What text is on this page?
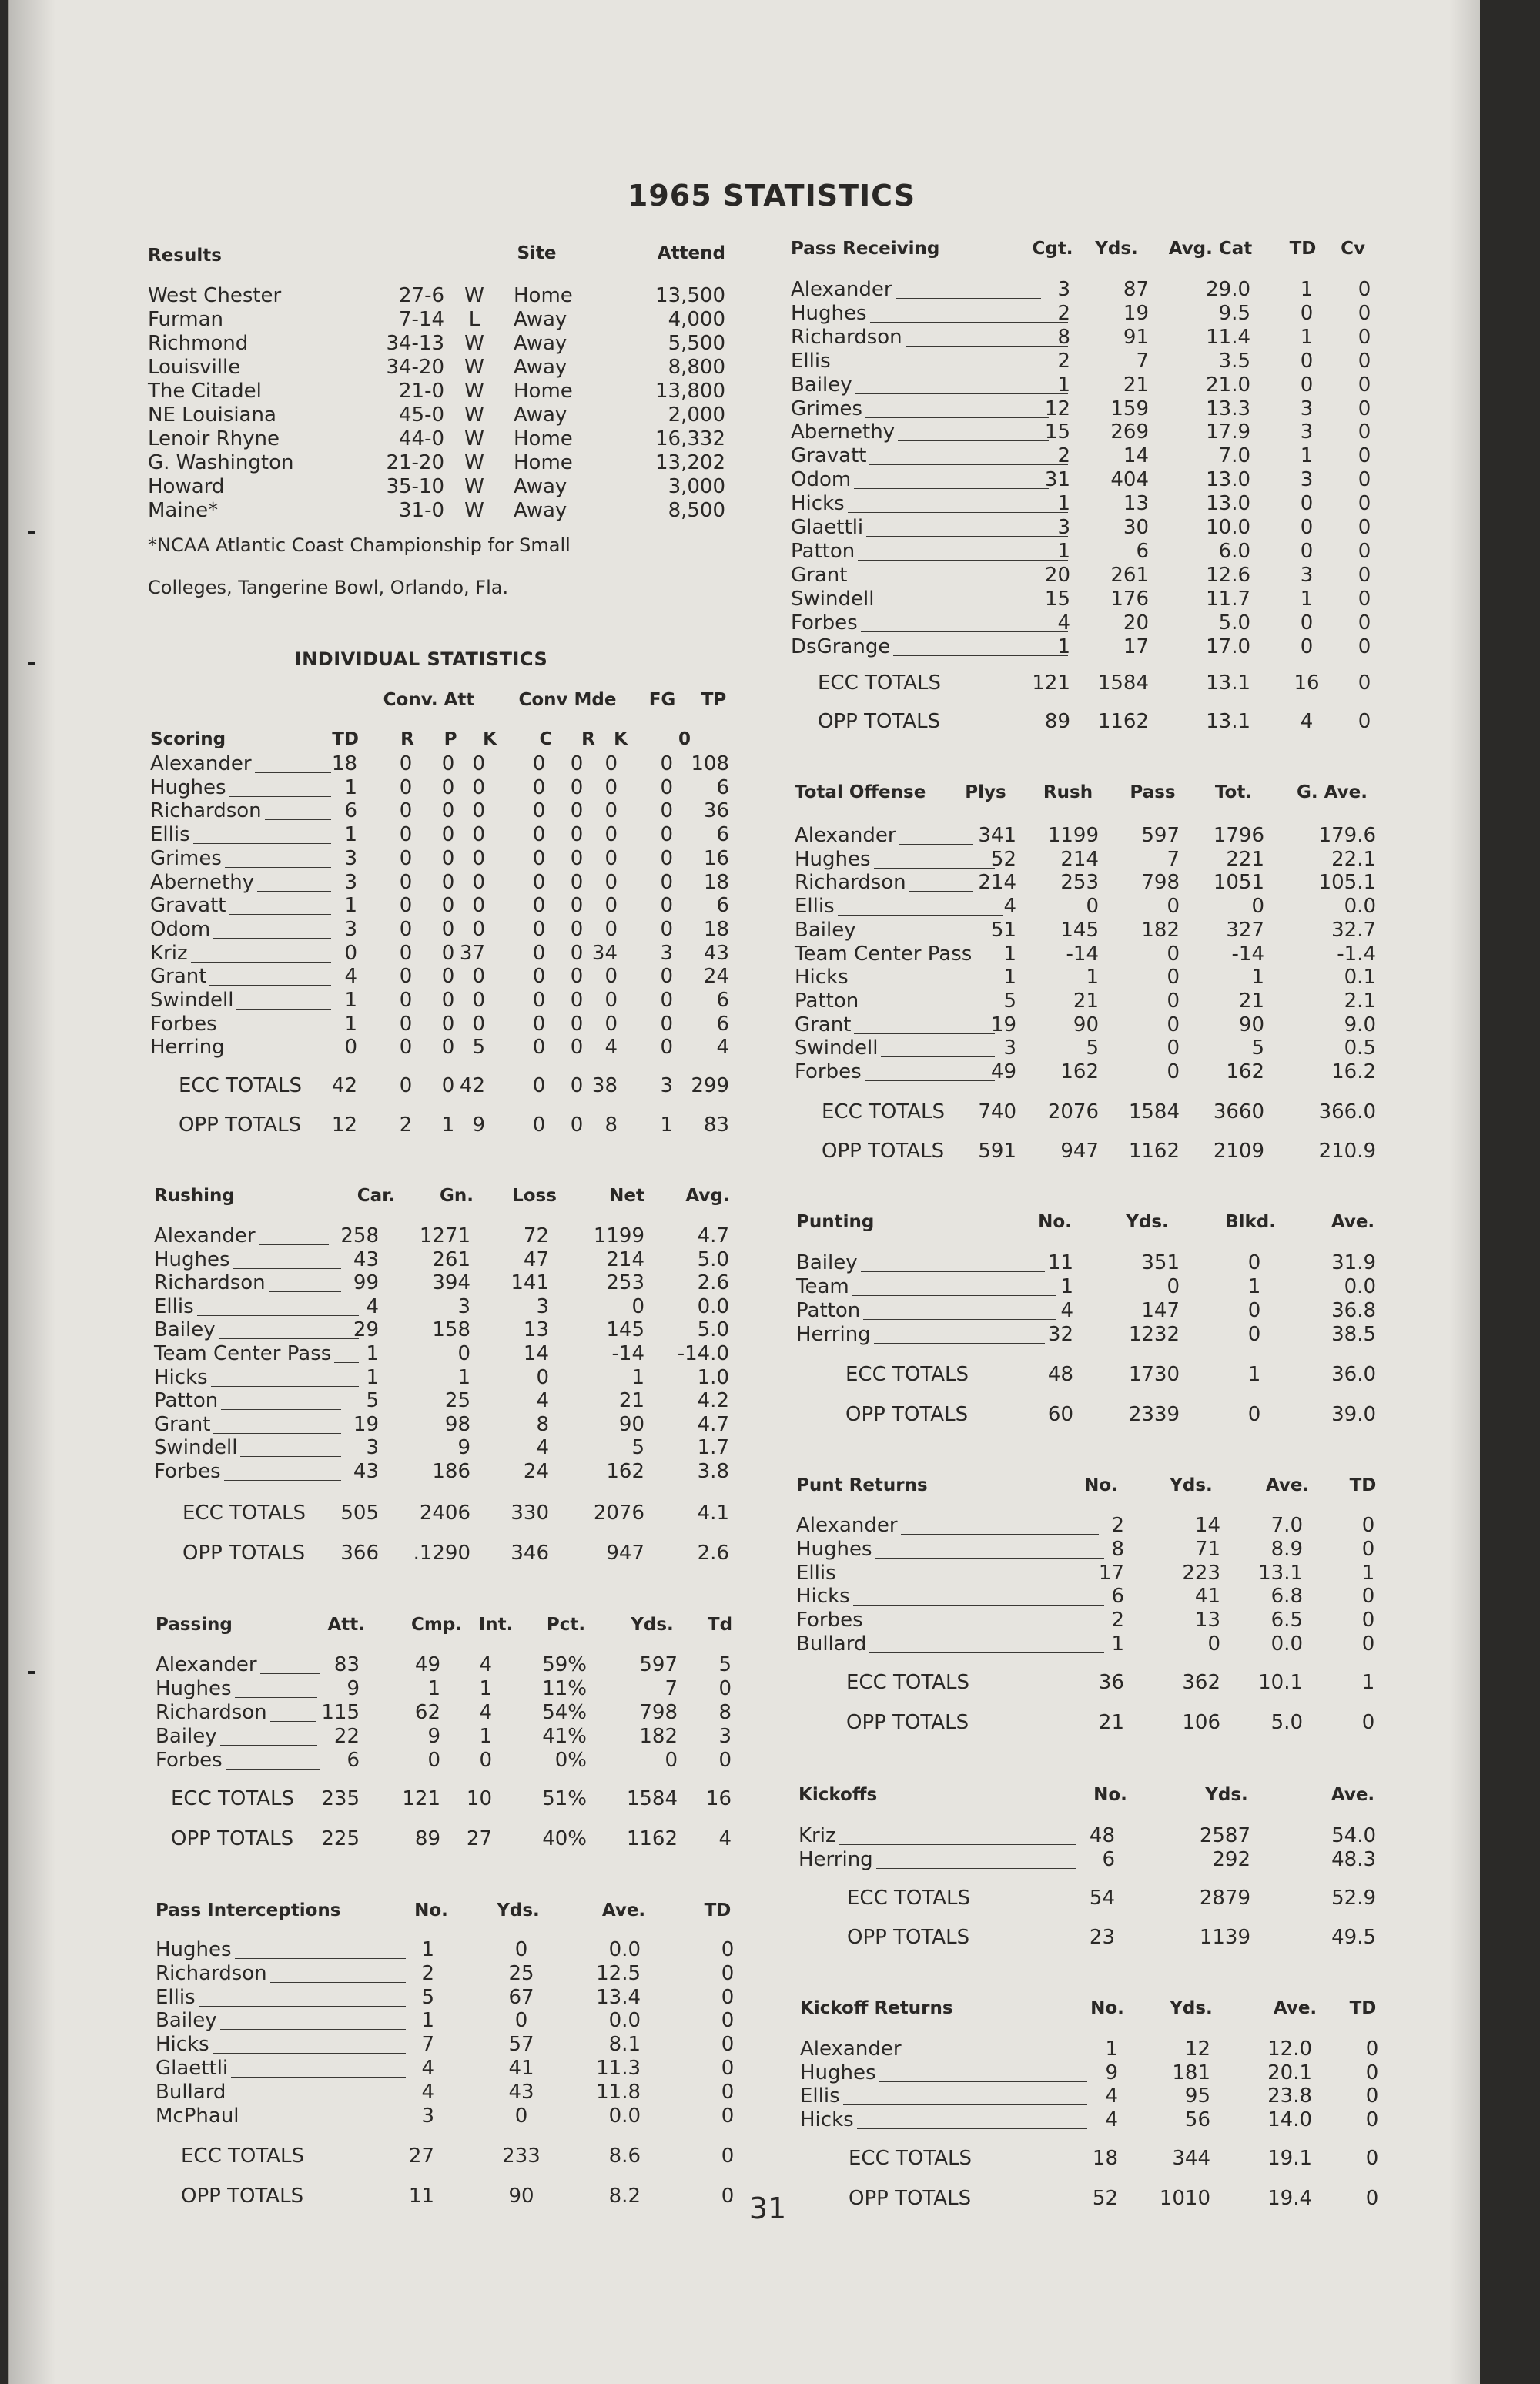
1965 STATISTICS
Results	Site	Attend
West Chester	27-6 W Home	13,500
Furman	7-14 L Away	4,000
Richmond	34-13 W Away	5,500
Louisville	34-20 W Away	8,800
The Citadel	21-0 W Home	13,800
NE Louisiana	45-0 W Away	2,000
Lenoir Rhyne	44-0 W Home	16,332
G. Washington	21-20 W Home	13,202
Howard	35-10 W Away	3,000
Maine*	31-0 W Away	8,500
*NCAA Atlantic Coast Championship for Small
Colleges, Tangerine Bowl, Orlando, Fla.
INDIVIDUAL STATISTICS
Conv. Att Conv Mde FG TP
Scoring	TD R P K C R K	0
Alexander	18 0 0 0 0 0 0 0 108
Hughes	1 0 0 0 0 0 0 0 6
Richardson	6 0 0 0 0 0 0 0 36
Ellis	1 0 0 0 0 0 0 0 6
Grimes	3 0 0 0 0 0 0 0 16
Abernethy	3 0 0 0 0 0 0 0 18
Gravatt	1 0 0 0 0 0 0 0 6
Odom	3 0 0 0 0 0 0 0 18
Kriz	0 0 0 37 0 0 34 3 43
Grant	4 0 0 0 0 0 0 0 24
Swindell	1 0 0 0 0 0 0 0 6
Forbes	1 0 0 0 0 0 0 0 6
Herring	0 0 0 5 0 0 4 0 4
ECC TOTALS 42 0 0 42 0 0 38 3 299
OPP TOTALS 12 2 1 9 0 0 8 1 83
Rushing	Car.	Gn. Loss	Net Avg.
Alexander	258 1271	72 1199	4.7
Hughes	43	261	47	214	5.0
Richardson	99	394 141	253	2.6
Ellis	4	3	3	0	0.0
Bailey	29	158	13	145	5.0
Team Center Pass 1	0	14	-14 -14.0
Hicks	1	1	0	1	1.0
Patton	5	25	4	21	4.2
Grant	19	98	8	90	4.7
Swindell	3	9	4	5	1.7
Forbes	43	186	24	162	3.8
ECC TOTALS 505 2406 330 2076	4.1
OPP TOTALS 366 .1290 346	947	2.6
Passing	Att.	Cmp. Int. Pct.	Yds. Td
Alexander	83	49 4	59%	597 5
Hughes	9	1 1	11%	7 0
Richardson	115	62 4	54%	798 8
Bailey	22	9 1	41%	182 3
Forbes	6	0 0	0%	0 0
ECC TOTALS 235 121 10	51% 1584 16
OPP TOTALS 225	89 27	40% 1162 4
Pass Interceptions	No.	Yds.	Ave.	TD
Hughes	1	0	0.0	0
Richardson	2	25	12.5	0
Ellis	5	67	13.4	0
Bailey	1	0	0.0	0
Hicks	7	57	8.1	0
Glaettli	4	41	11.3	0
Bullard	4	43	11.8	0
McPhaul	3	0	0.0	0
ECC TOTALS	27	233	8.6	0
OPP TOTALS	11	90	8.2	0
Pass Receiving	Cgt. Yds. Avg. Cat TD Cv
Alexander	3	87	29.0 1 0
Hughes	2	19	9.5 0 0
Richardson	8	91	11.4 1 0
Ellis	2	7	3.5 0 0
Bailey	1	21	21.0 0 0
Grimes	12 159	13.3 3 0
Abernethy	15 269	17.9 3 0
Gravatt	2	14	7.0 1 0
Odom	31 404	13.0 3 0
Hicks	1	13	13.0 0 0
Glaettli	3	30	10.0 0 0
Patton	1	6	6.0 0 0
Grant	20 261	12.6 3 0
Swindell	15 176	11.7 1 0
Forbes	4	20	5.0 0 0
DsGrange	1	17	17.0 0 0
ECC TOTALS	121 1584	13.1 16 0
OPP TOTALS	89 1162	13.1 4 0
Total Offense Plys Rush Pass Tot.	G. Ave.
Alexander	341 1199 597 1796	179.6
Hughes	52 214	7 221	22.1
Richardson	214 253 798 1051	105.1
Ellis	4	0	0	0	0.0
Bailey	51 145 182 327	32.7
Team Center Pass 1 -14	0	-14	-1.4
Hicks	1	1	0	1	0.1
Patton	5	21	0	21	2.1
Grant	19	90	0	90	9.0
Swindell	3	5	0	5	0.5
Forbes	49 162	0 162	16.2
ECC TOTALS 740 2076 1584 3660	366.0
OPP TOTALS 591 947 1162 2109	210.9
Punting	No.	Yds.	Blkd.	Ave.
Bailey	11	351	0	31.9
Team	1	0	1	0.0
Patton	4	147	0	36.8
Herring	32	1232	0	38.5
ECC TOTALS	48	1730	1	36.0
OPP TOTALS	60	2339	0	39.0
Punt Returns	No.	Yds.	Ave. TD
Alexander	2	14	7.0	0
Hughes	8	71	8.9	0
Ellis	17	223 13.1	1
Hicks	6	41	6.8	0
Forbes	2	13	6.5	0
Bullard	1	0	0.0	0
ECC TOTALS	36	362 10.1	1
OPP TOTALS	21	106	5.0	0
Kickoffs	No.	Yds.	Ave.
Kriz	48	2587	54.0
Herring	6	292	48.3
ECC TOTALS	54	2879	52.9
OPP TOTALS	23	1139	49.5
Kickoff Returns	No.	Yds.	Ave. TD
Alexander	1	12	12.0	0
Hughes	9	181	20.1	0
Ellis	4	95	23.8	0
Hicks	4	56	14.0	0
ECC TOTALS	18	344	19.1	0
OPP TOTALS	52 1010	19.4	0
31
